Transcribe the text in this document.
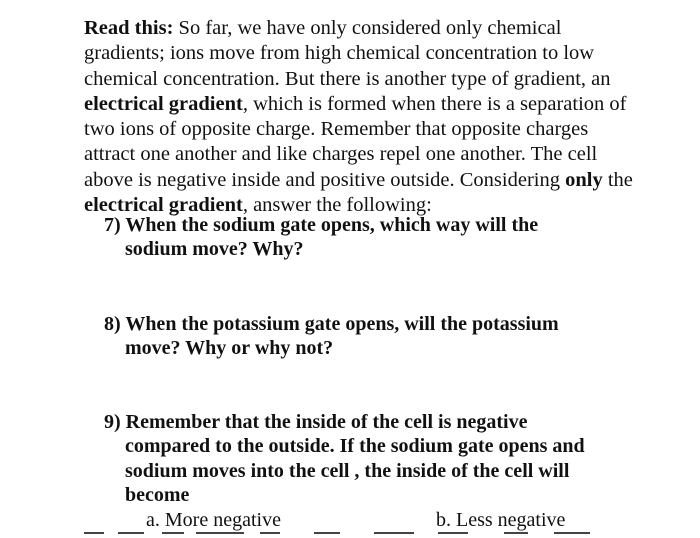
Read this: So far, we have only considered only chemical gradients; ions move from high chemical concentration to low chemical concentration. But there is another type of gradient, an electrical gradient, which is formed when there is a separation of two ions of opposite charge. Remember that opposite charges attract one another and like charges repel one another. The cell above is negative inside and positive outside. Considering only the electrical gradient, answer the following:

7) When the sodium gate opens, which way will the
sodium move? Why?

8) When the potassium gate opens, will the potassium
move? Why or why not?

9) Remember that the inside of the cell is negative
compared to the outside. If the sodium gate opens and
sodium moves into the cell , the inside of the cell will
become

a. More negative	b. Less negative
